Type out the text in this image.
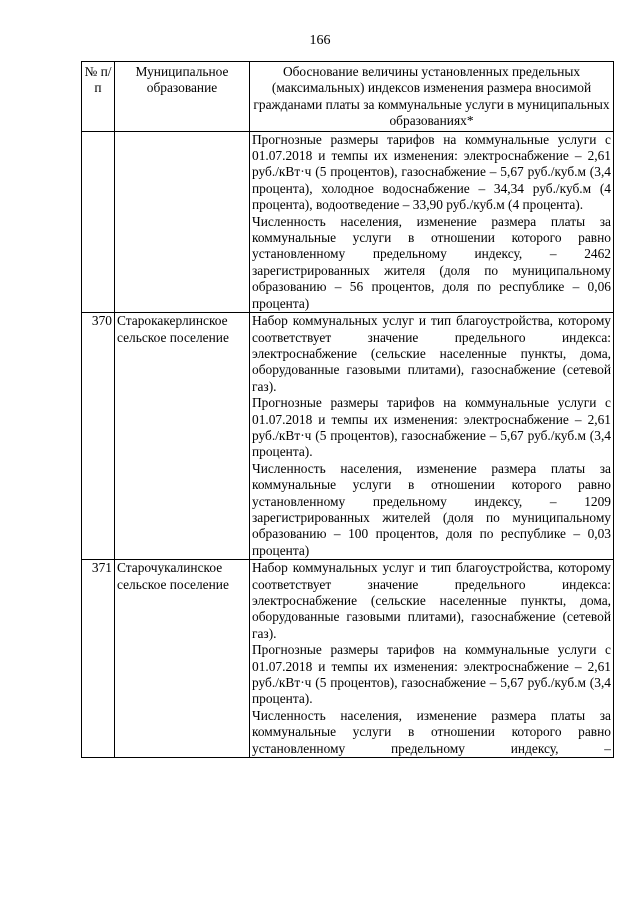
166
№ п/п	Муниципальное образование	Обоснование величины установленных предельных (максимальных) индексов изменения размера вносимой гражданами платы за коммунальные услуги в муниципальных образованиях*

		Прогнозные размеры тарифов на коммунальные услуги с 01.07.2018 и темпы их изменения: электроснабжение – 2,61 руб./кВт·ч (5 процентов), газоснабжение – 5,67 руб./куб.м (3,4 процента), холодное водоснабжение – 34,34 руб./куб.м (4 процента), водоотведение – 33,90 руб./куб.м (4 процента).

Численность населения, изменение размера платы за коммунальные услуги в отношении которого равно установленному предельному индексу, – 2462 зарегистрированных жителя (доля по муниципальному образованию – 56 процентов, доля по республике – 0,06 процента)

370	Старокакерлинское сельское поселение	Набор коммунальных услуг и тип благоустройства, которому соответствует значение предельного индекса: электроснабжение (сельские населенные пункты, дома, оборудованные газовыми плитами), газоснабжение (сетевой газ).

Прогнозные размеры тарифов на коммунальные услуги с 01.07.2018 и темпы их изменения: электроснабжение – 2,61 руб./кВт·ч (5 процентов), газоснабжение – 5,67 руб./куб.м (3,4 процента).

Численность населения, изменение размера платы за коммунальные услуги в отношении которого равно установленному предельному индексу, – 1209 зарегистрированных жителей (доля по муниципальному образованию – 100 процентов, доля по республике – 0,03 процента)

371	Старочукалинское сельское поселение	Набор коммунальных услуг и тип благоустройства, которому соответствует значение предельного индекса: электроснабжение (сельские населенные пункты, дома, оборудованные газовыми плитами), газоснабжение (сетевой газ).

Прогнозные размеры тарифов на коммунальные услуги с 01.07.2018 и темпы их изменения: электроснабжение – 2,61 руб./кВт·ч (5 процентов), газоснабжение – 5,67 руб./куб.м (3,4 процента).

Численность населения, изменение размера платы за коммунальные услуги в отношении которого равно установленному предельному индексу, –
